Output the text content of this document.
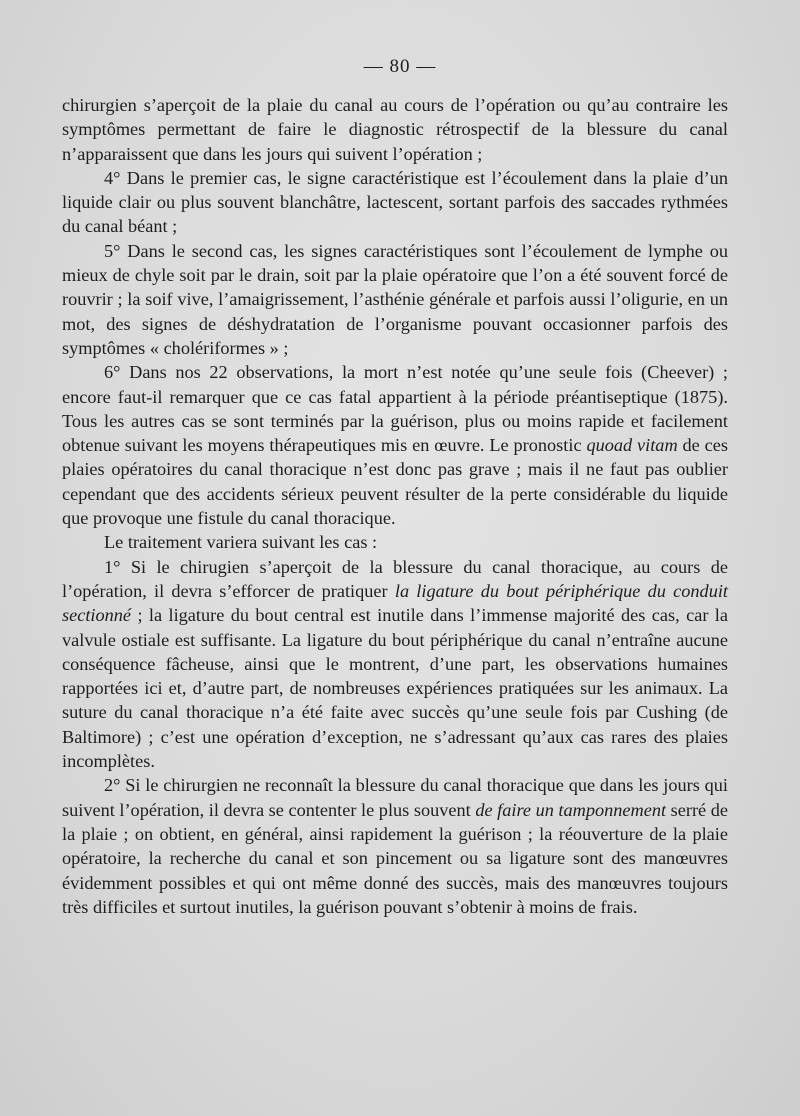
— 80 —

chirurgien s’aperçoit de la plaie du canal au cours de l’opération ou qu’au contraire les symptômes permettant de faire le diagnostic rétrospectif de la blessure du canal n’apparaissent que dans les jours qui suivent l’opération ;

4° Dans le premier cas, le signe caractéristique est l’écoulement dans la plaie d’un liquide clair ou plus souvent blanchâtre, lactescent, sortant parfois des saccades rythmées du canal béant ;

5° Dans le second cas, les signes caractéristiques sont l’écoulement de lymphe ou mieux de chyle soit par le drain, soit par la plaie opératoire que l’on a été souvent forcé de rouvrir ; la soif vive, l’amaigrissement, l’asthénie générale et parfois aussi l’oligurie, en un mot, des signes de déshydratation de l’organisme pouvant occasionner parfois des symptômes « cholériformes » ;

6° Dans nos 22 observations, la mort n’est notée qu’une seule fois (Cheever) ; encore faut-il remarquer que ce cas fatal appartient à la période préantiseptique (1875). Tous les autres cas se sont terminés par la guérison, plus ou moins rapide et facilement obtenue suivant les moyens thérapeutiques mis en œuvre. Le pronostic quoad vitam de ces plaies opératoires du canal thoracique n’est donc pas grave ; mais il ne faut pas oublier cependant que des accidents sérieux peuvent résulter de la perte considérable du liquide que provoque une fistule du canal thoracique.

Le traitement variera suivant les cas :

1° Si le chirugien s’aperçoit de la blessure du canal thoracique, au cours de l’opération, il devra s’efforcer de pratiquer la ligature du bout périphérique du conduit sectionné ; la ligature du bout central est inutile dans l’immense majorité des cas, car la valvule ostiale est suffisante. La ligature du bout périphérique du canal n’entraîne aucune conséquence fâcheuse, ainsi que le montrent, d’une part, les observations humaines rapportées ici et, d’autre part, de nombreuses expériences pratiquées sur les animaux. La suture du canal thoracique n’a été faite avec succès qu’une seule fois par Cushing (de Baltimore) ; c’est une opération d’exception, ne s’adressant qu’aux cas rares des plaies incomplètes.

2° Si le chirurgien ne reconnaît la blessure du canal thoracique que dans les jours qui suivent l’opération, il devra se contenter le plus souvent de faire un tamponnement serré de la plaie ; on obtient, en général, ainsi rapidement la guérison ; la réouverture de la plaie opératoire, la recherche du canal et son pincement ou sa ligature sont des manœuvres évidemment possibles et qui ont même donné des succès, mais des manœuvres toujours très difficiles et surtout inutiles, la guérison pouvant s’obtenir à moins de frais.
